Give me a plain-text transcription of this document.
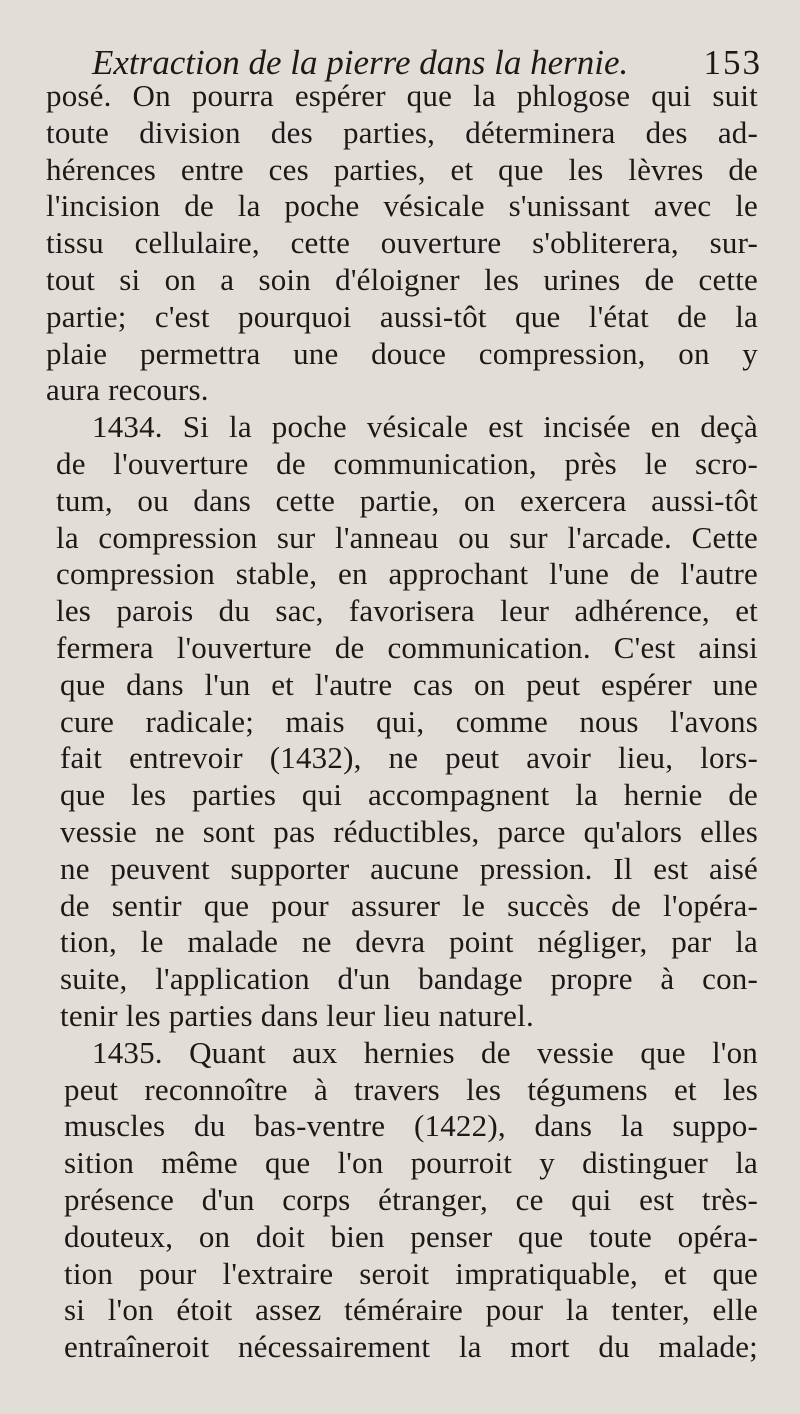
Extraction de la pierre dans la hernie. 153
posé. On pourra espérer que la phlogose qui suit
toute division des parties, déterminera des ad-
hérences entre ces parties, et que les lèvres de
l'incision de la poche vésicale s'unissant avec le
tissu cellulaire, cette ouverture s'obliterera, sur-
tout si on a soin d'éloigner les urines de cette
partie; c'est pourquoi aussi-tôt que l'état de la
plaie permettra une douce compression, on y
aura recours.
1434. Si la poche vésicale est incisée en deçà
de l'ouverture de communication, près le scro-
tum, ou dans cette partie, on exercera aussi-tôt
la compression sur l'anneau ou sur l'arcade. Cette
compression stable, en approchant l'une de l'autre
les parois du sac, favorisera leur adhérence, et
fermera l'ouverture de communication. C'est ainsi
que dans l'un et l'autre cas on peut espérer une
cure radicale; mais qui, comme nous l'avons
fait entrevoir (1432), ne peut avoir lieu, lors-
que les parties qui accompagnent la hernie de
vessie ne sont pas réductibles, parce qu'alors elles
ne peuvent supporter aucune pression. Il est aisé
de sentir que pour assurer le succès de l'opéra-
tion, le malade ne devra point négliger, par la
suite, l'application d'un bandage propre à con-
tenir les parties dans leur lieu naturel.
1435. Quant aux hernies de vessie que l'on
peut reconnoître à travers les tégumens et les
muscles du bas-ventre (1422), dans la suppo-
sition même que l'on pourroit y distinguer la
présence d'un corps étranger, ce qui est très-
douteux, on doit bien penser que toute opéra-
tion pour l'extraire seroit impratiquable, et que
si l'on étoit assez téméraire pour la tenter, elle
entraîneroit nécessairement la mort du malade;
